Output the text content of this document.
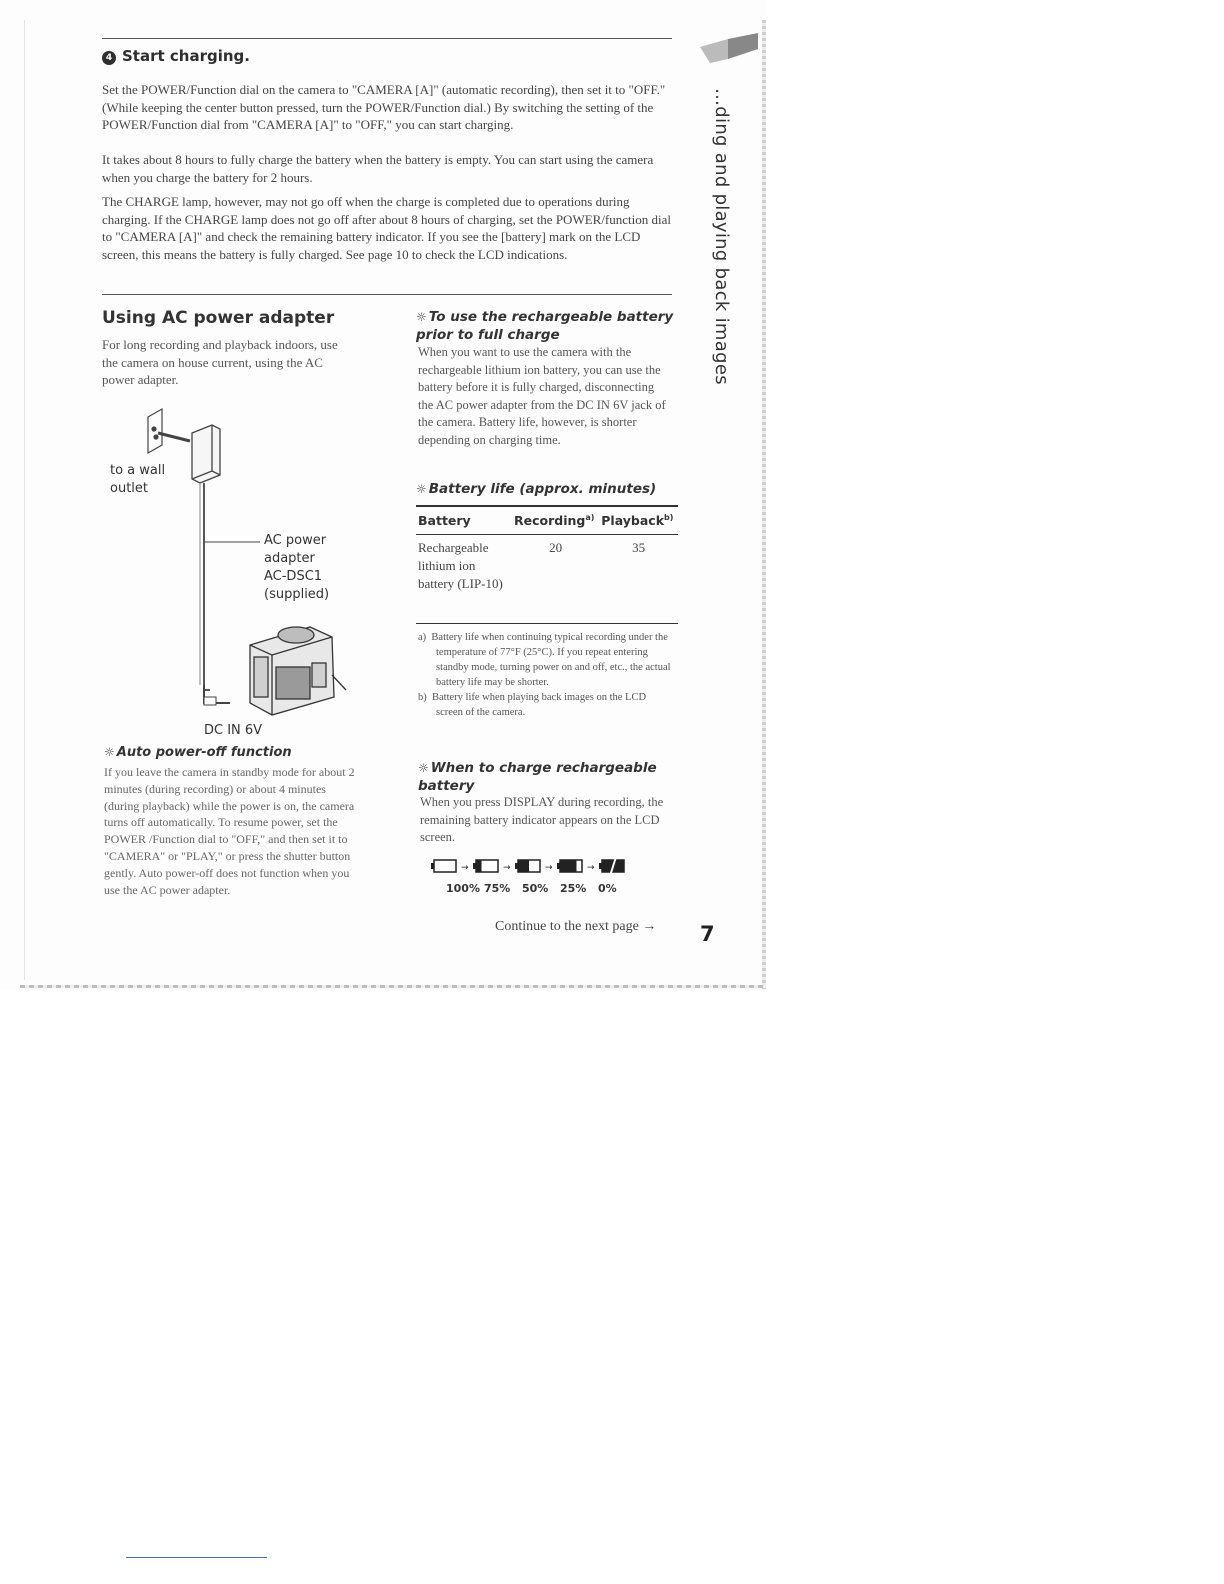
4 Start charging.

Set the POWER/Function dial on the camera to "CAMERA [A]" (automatic recording), then set it to "OFF." (While keeping the center button pressed, turn the POWER/Function dial.) By switching the setting of the POWER/Function dial from "CAMERA [A]" to "OFF," you can start charging.

It takes about 8 hours to fully charge the battery when the battery is empty. You can start using the camera when you charge the battery for 2 hours.

The CHARGE lamp, however, may not go off when the charge is completed due to operations during charging. If the CHARGE lamp does not go off after about 8 hours of charging, set the POWER/function dial to "CAMERA [A]" and check the remaining battery indicator. If you see the [battery] mark on the LCD screen, this means the battery is fully charged. See page 10 to check the LCD indications.

Using AC power adapter

For long recording and playback indoors, use the camera on house current, using the AC power adapter.

to a wall
outlet
AC power
adapter
AC-DSC1
(supplied)
DC IN 6V
☼ Auto power-off function

If you leave the camera in standby mode for about 2 minutes (during recording) or about 4 minutes (during playback) while the power is on, the camera turns off automatically. To resume power, set the POWER /Function dial to "OFF," and then set it to "CAMERA" or "PLAY," or press the shutter button gently. Auto power-off does not function when you use the AC power adapter.

☼ To use the rechargeable battery prior to full charge

When you want to use the camera with the rechargeable lithium ion battery, you can use the battery before it is fully charged, disconnecting the AC power adapter from the DC IN 6V jack of the camera. Battery life, however, is shorter depending on charging time.

☼ Battery life (approx. minutes)
Battery	Recording$^{a)}$	Playback$^{b)}$
Rechargeable lithium ion battery (LIP-10)	20	35
a) Battery life when continuing typical recording under the temperature of 77°F (25°C). If you repeat entering standby mode, turning power on and off, etc., the actual battery life may be shorter.
b) Battery life when playing back images on the LCD screen of the camera.
☼ When to charge rechargeable battery

When you press DISPLAY during recording, the remaining battery indicator appears on the LCD screen.

→	→	→	→
100% 75% 50% 25% 0%
Continue to the next page → 7
…ding and playing back images
